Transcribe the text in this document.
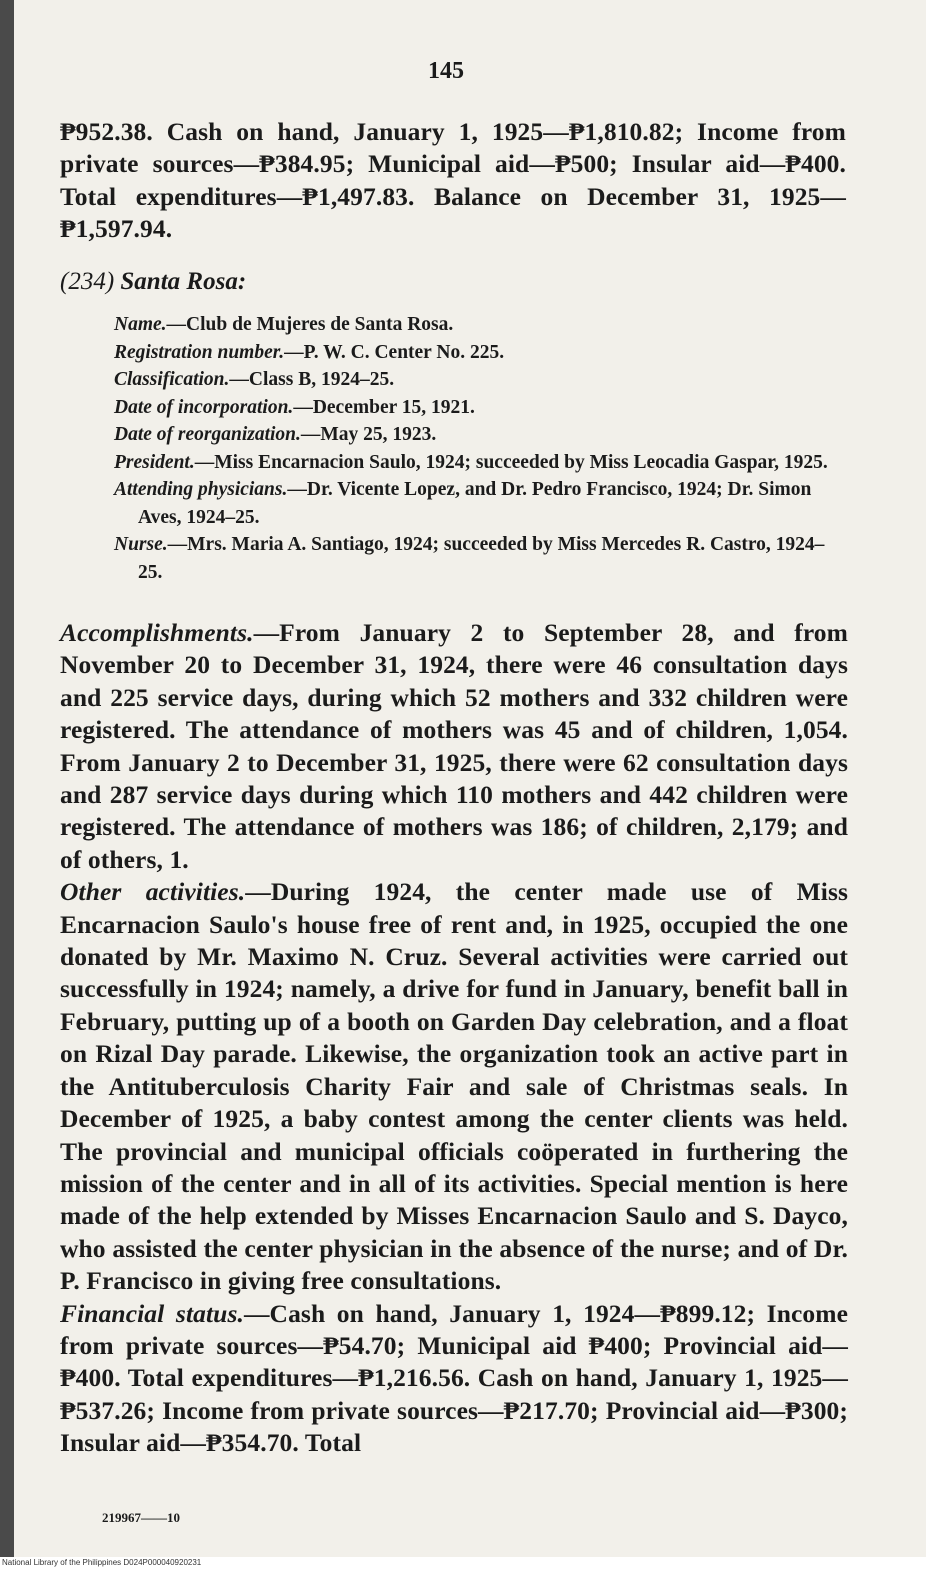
145

₱952.38. Cash on hand, January 1, 1925—₱1,810.82; Income from private sources—₱384.95; Municipal aid—₱500; Insular aid—₱400. Total expenditures—₱1,497.83. Balance on December 31, 1925—₱1,597.94.

(234) Santa Rosa:

Name.—Club de Mujeres de Santa Rosa.

Registration number.—P. W. C. Center No. 225.

Classification.—Class B, 1924–25.

Date of incorporation.—December 15, 1921.

Date of reorganization.—May 25, 1923.

President.—Miss Encarnacion Saulo, 1924; succeeded by Miss Leocadia Gaspar, 1925.

Attending physicians.—Dr. Vicente Lopez, and Dr. Pedro Francisco, 1924; Dr. Simon Aves, 1924–25.

Nurse.—Mrs. Maria A. Santiago, 1924; succeeded by Miss Mercedes R. Castro, 1924–25.

Accomplishments.—From January 2 to September 28, and from November 20 to December 31, 1924, there were 46 consultation days and 225 service days, during which 52 mothers and 332 children were registered. The attendance of mothers was 45 and of children, 1,054. From January 2 to December 31, 1925, there were 62 consultation days and 287 service days during which 110 mothers and 442 children were registered. The attendance of mothers was 186; of children, 2,179; and of others, 1.

Other activities.—During 1924, the center made use of Miss Encarnacion Saulo's house free of rent and, in 1925, occupied the one donated by Mr. Maximo N. Cruz. Several activities were carried out successfully in 1924; namely, a drive for fund in January, benefit ball in February, putting up of a booth on Garden Day celebration, and a float on Rizal Day parade. Likewise, the organization took an active part in the Antituberculosis Charity Fair and sale of Christmas seals. In December of 1925, a baby contest among the center clients was held. The provincial and municipal officials coöperated in furthering the mission of the center and in all of its activities. Special mention is here made of the help extended by Misses Encarnacion Saulo and S. Dayco, who assisted the center physician in the absence of the nurse; and of Dr. P. Francisco in giving free consultations.

Financial status.—Cash on hand, January 1, 1924—₱899.12; Income from private sources—₱54.70; Municipal aid ₱400; Provincial aid—₱400. Total expenditures—₱1,216.56. Cash on hand, January 1, 1925—₱537.26; Income from private sources—₱217.70; Provincial aid—₱300; Insular aid—₱354.70. Total

219967——10
National Library of the Philippines D024P000040920231
